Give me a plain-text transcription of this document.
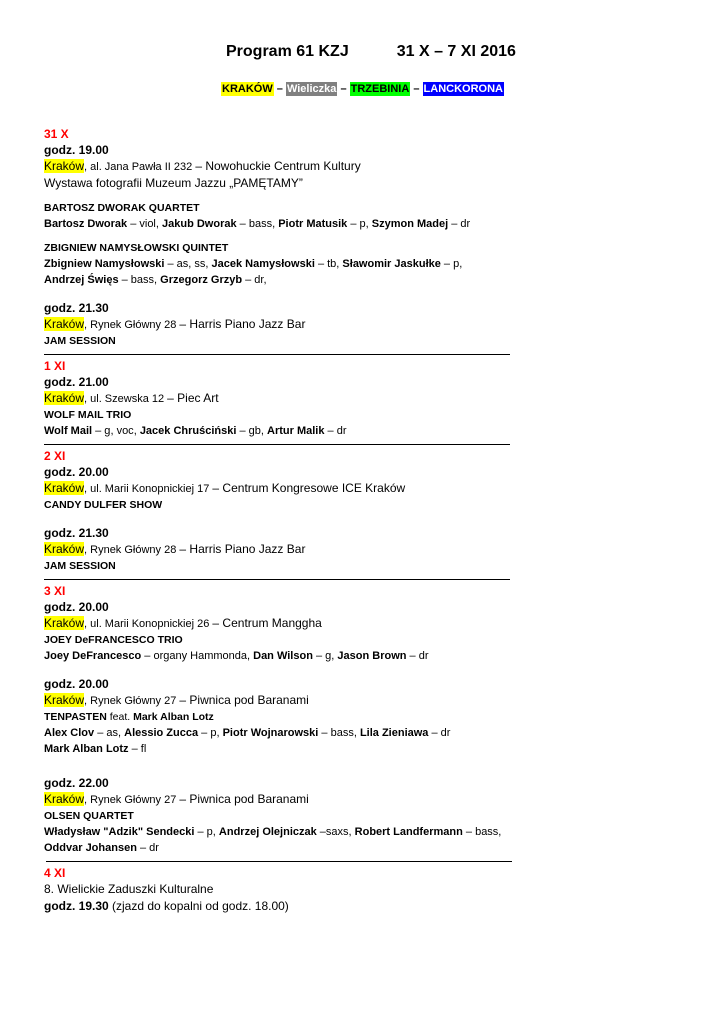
Program 61 KZJ	31 X – 7 XI 2016
KRAKÓW – Wieliczka – TRZEBINIA – LANCKORONA
31 X
godz. 19.00
Kraków, al. Jana Pawła II 232 – Nowohuckie Centrum Kultury
Wystawa fotografii Muzeum Jazzu „PAMĘTAMY”
BARTOSZ DWORAK QUARTET
Bartosz Dworak – viol, Jakub Dworak – bass, Piotr Matusik – p, Szymon Madej – dr
ZBIGNIEW NAMYSŁOWSKI QUINTET
Zbigniew Namysłowski – as, ss, Jacek Namysłowski – tb, Sławomir Jaskułke – p,
Andrzej Święs – bass, Grzegorz Grzyb – dr,
godz. 21.30
Kraków, Rynek Główny 28 – Harris Piano Jazz Bar
JAM SESSION
1 XI
godz. 21.00
Kraków, ul. Szewska 12 – Piec Art
WOLF MAIL TRIO
Wolf Mail – g, voc, Jacek Chruściński – gb, Artur Malik – dr
2 XI
godz. 20.00
Kraków, ul. Marii Konopnickiej 17 – Centrum Kongresowe ICE Kraków
CANDY DULFER SHOW
godz. 21.30
Kraków, Rynek Główny 28 – Harris Piano Jazz Bar
JAM SESSION
3 XI
godz. 20.00
Kraków, ul. Marii Konopnickiej 26 – Centrum Manggha
JOEY DeFRANCESCO TRIO
Joey DeFrancesco – organy Hammonda, Dan Wilson – g, Jason Brown – dr
godz. 20.00
Kraków, Rynek Główny 27 – Piwnica pod Baranami
TENPASTEN feat. Mark Alban Lotz
Alex Clov – as, Alessio Zucca – p, Piotr Wojnarowski – bass, Lila Zieniawa – dr
Mark Alban Lotz – fl
godz. 22.00
Kraków, Rynek Główny 27 – Piwnica pod Baranami
OLSEN QUARTET
Władysław "Adzik" Sendecki – p, Andrzej Olejniczak –saxs, Robert Landfermann – bass,
Oddvar Johansen – dr
4 XI
8. Wielickie Zaduszki Kulturalne
godz. 19.30 (zjazd do kopalni od godz. 18.00)
